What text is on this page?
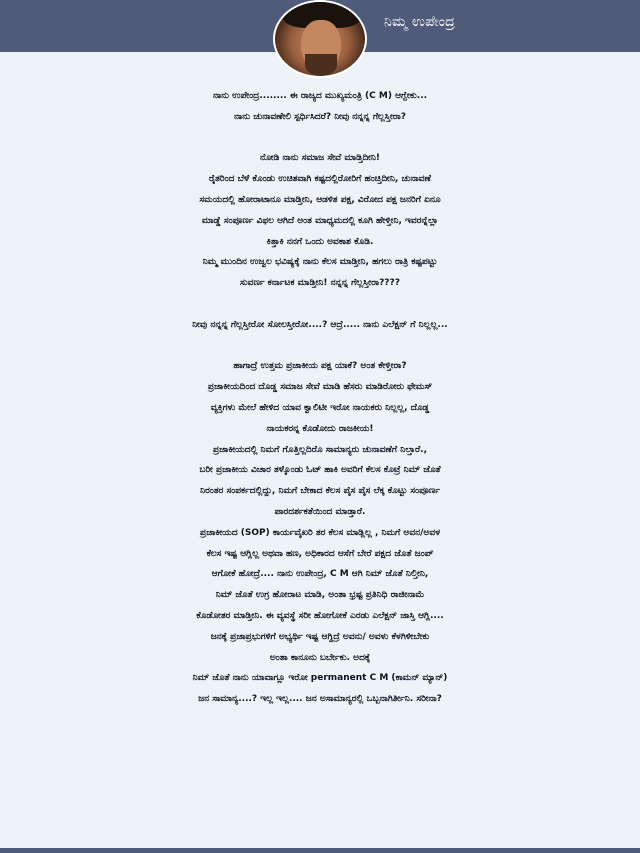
ನಿಮ್ಮ ಉಪೇಂದ್ರ
ನಾನು ಉಪೇಂದ್ರ........ ಈ ರಾಜ್ಯದ ಮುಖ್ಯಮಂತ್ರಿ (C M) ಆಗ್ಬೇಕು...
ನಾನು ಚುನಾವಣೇಲಿ ಸ್ಪರ್ಧಿಸಿದರೆ? ನೀವು ನನ್ನನ್ನ ಗೆಲ್ಲಸ್ತೀರಾ?
ನೋಡಿ ನಾನು ಸಮಾಜ ಸೇವೆ ಮಾಡ್ತಿದೀನಿ!
ರೈತರಿಂದ ಬೆಳೆ ಕೊಂಡು ಉಚಿತವಾಗಿ ಕಷ್ಟದಲ್ಲಿರೋರಿಗೆ ಹಂಚ್ತಿದೀನಿ, ಚುನಾವಣೆ
ಸಮಯದಲ್ಲಿ ಹೋರಾಟಾನೂ ಮಾಡ್ತೀನಿ, ಆಡಳಿತ ಪಕ್ಷ, ವಿರೋದ ಪಕ್ಷ ಜನರಿಗೆ ಏನೂ
ಮಾಡ್ಡೆ ಸಂಪೂರ್ಣ ವಿಫಲ ಆಗಿದೆ ಅಂತ ಮಾಧ್ಯಮದಲ್ಲಿ ಕೂಗಿ ಹೇಳ್ತೀನಿ, ಇವರನ್ನೆಲ್ಲಾ
ಕಿತ್ತಾಕಿ ನನಗೆ ಒಂದು ಅವಕಾಶ ಕೊಡಿ.
ನಿಮ್ಮ ಮುಂದಿನ ಉಜ್ವಲ ಭವಿಷ್ಯಕ್ಕೆ ನಾನು ಕೆಲಸ ಮಾಡ್ತೀನಿ, ಹಗಲು ರಾತ್ರಿ ಕಷ್ಟಪಟ್ಟು
ಸುವರ್ಣ ಕರ್ನಾಟಕ ಮಾಡ್ತೀನಿ! ನನ್ನನ್ನ ಗೆಲ್ಲಸ್ತೀರಾ????
ನೀವು ನನ್ನನ್ನ ಗೆಲ್ಲಸ್ತೀರೋ ಸೋಲಸ್ತೀರೋ....? ಆದ್ರೆ..... ನಾನು ಎಲೆಕ್ಷನ್ ಗೆ ನಿಲ್ಲಲ್ಲ...
ಹಾಗಾದ್ರೆ ಉತ್ತಮ ಪ್ರಜಾಕೀಯ ಪಕ್ಷ ಯಾಕೆ? ಅಂತ ಕೇಳ್ತೀರಾ?
ಪ್ರಜಾಕೀಯದಿಂದ ದೊಡ್ಡ ಸಮಾಜ ಸೇವೆ ಮಾಡಿ ಹೆಸರು ಮಾಡಿರೋರು ಫೇಮಸ್
ವ್ಯಕ್ತಿಗಳು ಮೇಲೆ ಹೇಳಿದ ಯಾವ ಕ್ವಾಲಿಟೀ ಇರೋ ನಾಯಕರು ನಿಲ್ಲಲ್ಲ, ದೊಡ್ಡ
ನಾಯಕರನ್ನ ಕೊಡೋದು ರಾಜಕೀಯ!
ಪ್ರಜಾಕೀಯದಲ್ಲಿ ನಿಮಗೆ ಗೊತ್ತಿಲ್ಲದಿರೊ ಸಾಮಾನ್ಯರು ಚುನಾವಣೆಗೆ ನಿಲ್ತಾರೆ.,
ಬರೀ ಪ್ರಜಾಕೀಯ ವಿಚಾರ ತಳ್ಕೊಂಡು ಓಟ್ ಹಾಕಿ ಅವರಿಗೆ ಕೆಲಸ ಕೊಟ್ರೆ ನಿಮ್ ಜೊತೆ
ನಿರಂತರ ಸಂಪರ್ಕದಲ್ಲಿದ್ದು, ನಿಮಗೆ ಬೇಕಾದ ಕೆಲಸ ಪೈಸ ಪೈಸ ಲೆಕ್ಕ ಕೊಟ್ಟು ಸಂಪೂರ್ಣ
ಪಾರದರ್ಶಕತೆಯಿಂದ ಮಾಡ್ತಾರೆ.
ಪ್ರಜಾಕೀಯದ (SOP) ಕಾರ್ಯವೈಖರಿ ತರ ಕೆಲಸ ಮಾಡ್ಲಿಲ್ಲ , ನಿಮಗೆ ಅವನ/ಅವಳ
ಕೆಲಸ ಇಷ್ಟ ಆಗ್ಲಿಲ್ಲ ಅಥವಾ ಹಣ, ಅಧಿಕಾರದ ಆಸೆಗೆ ಬೇರೆ ಪಕ್ಷದ ಜೊತೆ ಜಂಪ್
ಆಗೋಕೆ ಹೋದ್ರೆ.... ನಾನು ಉಪೇಂದ್ರ, C M ಆಗಿ ನಿಮ್ ಜೊತೆ ನಿಲ್ತೀನಿ,
ನಿಮ್ ಜೊತೆ ಉಗ್ರ ಹೋರಾಟ ಮಾಡಿ, ಅಂತಾ ಭ್ರಷ್ಟ ಪ್ರತಿನಿಧಿ ರಾಜೀನಾಮೆ
ಕೊಡೋತರ ಮಾಡ್ತೀನಿ. ಈ ವ್ಯವಸ್ಥೆ ಸರೀ ಹೋಗೋಕೆ ಎರಡು ಎಲೆಕ್ಷನ್ ಜಾಸ್ತಿ ಆಗ್ಲಿ....
ಜನಕ್ಕೆ ಪ್ರಜಾಪ್ರಭುಗಳಿಗೆ ಅಭ್ಯರ್ಥಿ ಇಷ್ಟ ಆಗ್ದಿದ್ರೆ ಅವನು/ ಅವಳು ಕೆಳಗಿಳೀಬೇಕು
ಅಂತಾ ಕಾನೂನು ಬರ್ಬೇಕು. ಅದಕ್ಕೆ
ನಿಮ್ ಜೊತೆ ನಾನು ಯಾವಾಗ್ಲೂ ಇರೋ permanent C M (ಕಾಮನ್ ಮ್ಯಾನ್)
ಜನ ಸಾಮಾನ್ಯ....? ಇಲ್ಲ ಇಲ್ಲ.... ಜನ ಅಸಾಮಾನ್ಯರಲ್ಲಿ ಒಬ್ಬನಾಗಿರ್ತೀನಿ. ಸರೀನಾ?
